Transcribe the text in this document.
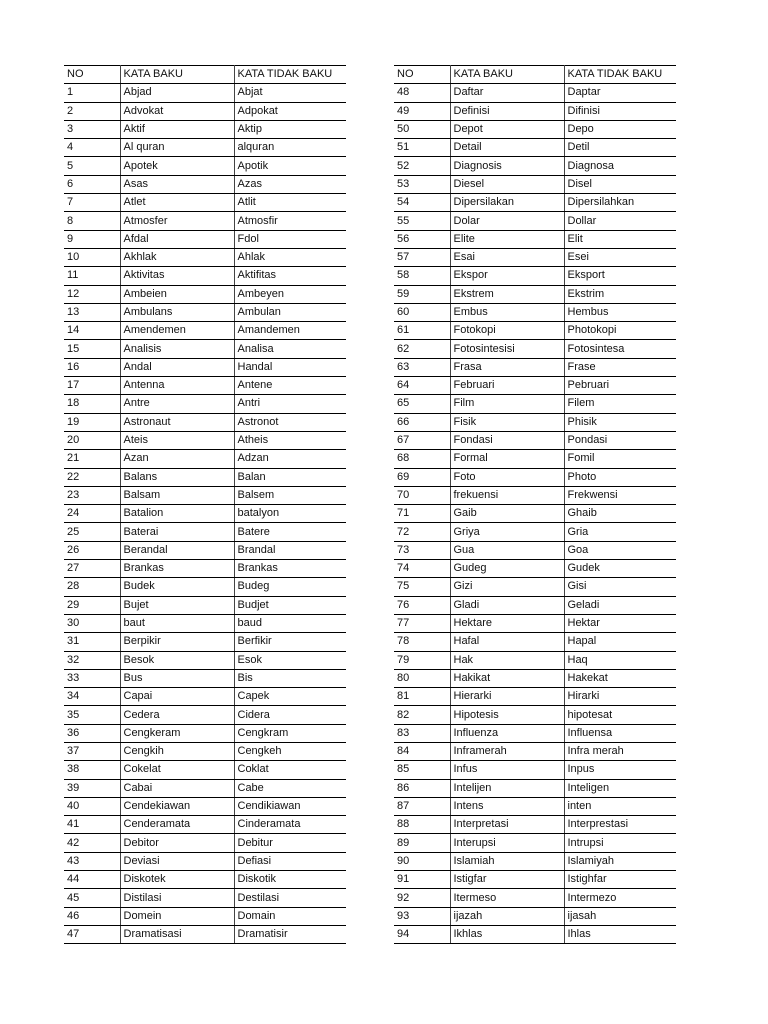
NO	KATA BAKU	KATA TIDAK BAKU
1	Abjad	Abjat
2	Advokat	Adpokat
3	Aktif	Aktip
4	Al quran	alquran
5	Apotek	Apotik
6	Asas	Azas
7	Atlet	Atlit
8	Atmosfer	Atmosfir
9	Afdal	Fdol
10	Akhlak	Ahlak
11	Aktivitas	Aktifitas
12	Ambeien	Ambeyen
13	Ambulans	Ambulan
14	Amendemen	Amandemen
15	Analisis	Analisa
16	Andal	Handal
17	Antenna	Antene
18	Antre	Antri
19	Astronaut	Astronot
20	Ateis	Atheis
21	Azan	Adzan
22	Balans	Balan
23	Balsam	Balsem
24	Batalion	batalyon
25	Baterai	Batere
26	Berandal	Brandal
27	Brankas	Brankas
28	Budek	Budeg
29	Bujet	Budjet
30	baut	baud
31	Berpikir	Berfikir
32	Besok	Esok
33	Bus	Bis
34	Capai	Capek
35	Cedera	Cidera
36	Cengkeram	Cengkram
37	Cengkih	Cengkeh
38	Cokelat	Coklat
39	Cabai	Cabe
40	Cendekiawan	Cendikiawan
41	Cenderamata	Cinderamata
42	Debitor	Debitur
43	Deviasi	Defiasi
44	Diskotek	Diskotik
45	Distilasi	Destilasi
46	Domein	Domain
47	Dramatisasi	Dramatisir
NO	KATA BAKU	KATA TIDAK BAKU
48	Daftar	Daptar
49	Definisi	Difinisi
50	Depot	Depo
51	Detail	Detil
52	Diagnosis	Diagnosa
53	Diesel	Disel
54	Dipersilakan	Dipersilahkan
55	Dolar	Dollar
56	Elite	Elit
57	Esai	Esei
58	Ekspor	Eksport
59	Ekstrem	Ekstrim
60	Embus	Hembus
61	Fotokopi	Photokopi
62	Fotosintesisi	Fotosintesa
63	Frasa	Frase
64	Februari	Pebruari
65	Film	Filem
66	Fisik	Phisik
67	Fondasi	Pondasi
68	Formal	Fomil
69	Foto	Photo
70	frekuensi	Frekwensi
71	Gaib	Ghaib
72	Griya	Gria
73	Gua	Goa
74	Gudeg	Gudek
75	Gizi	Gisi
76	Gladi	Geladi
77	Hektare	Hektar
78	Hafal	Hapal
79	Hak	Haq
80	Hakikat	Hakekat
81	Hierarki	Hirarki
82	Hipotesis	hipotesat
83	Influenza	Influensa
84	Inframerah	Infra merah
85	Infus	Inpus
86	Intelijen	Inteligen
87	Intens	inten
88	Interpretasi	Interprestasi
89	Interupsi	Intrupsi
90	Islamiah	Islamiyah
91	Istigfar	Istighfar
92	Itermeso	Intermezo
93	ijazah	ijasah
94	Ikhlas	Ihlas
